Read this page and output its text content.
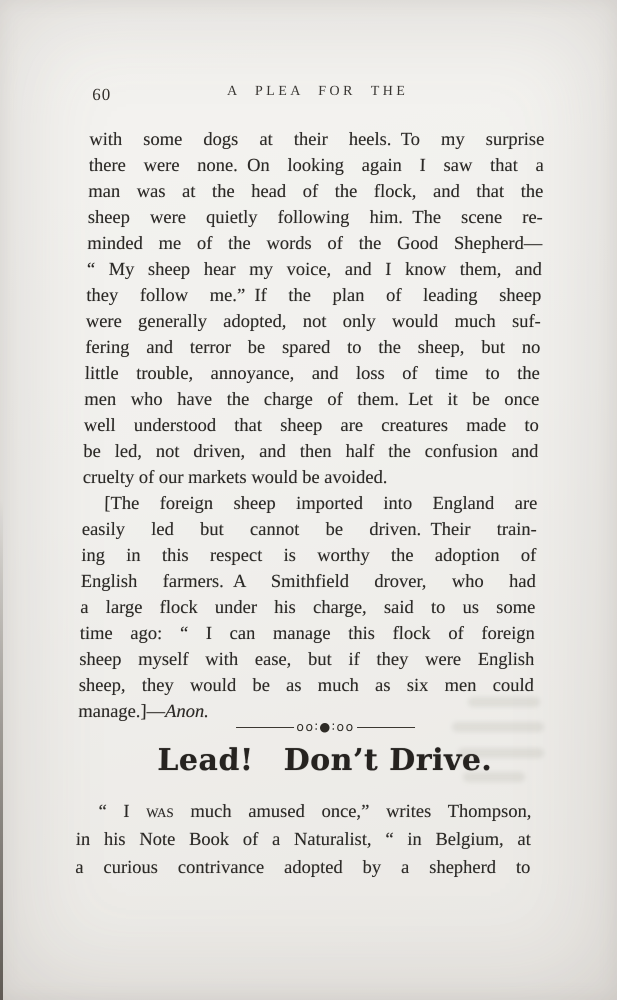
60	A PLEA FOR THE
with some dogs at their heels. To my surprise
there were none. On looking again I saw that a
man was at the head of the flock, and that the
sheep were quietly following him. The scene re-
minded me of the words of the Good Shepherd—
“ My sheep hear my voice, and I know them, and
they follow me.” If the plan of leading sheep
were generally adopted, not only would much suf-
fering and terror be spared to the sheep, but no
little trouble, annoyance, and loss of time to the
men who have the charge of them. Let it be once
well understood that sheep are creatures made to
be led, not driven, and then half the confusion and
cruelty of our markets would be avoided.
[The foreign sheep imported into England are
easily led but cannot be driven. Their train-
ing in this respect is worthy the adoption of
English farmers. A Smithfield drover, who had
a large flock under his charge, said to us some
time ago: “ I can manage this flock of foreign
sheep myself with ease, but if they were English
sheep, they would be as much as six men could
manage.]—Anon.
oo∶●∶oo
Lead! Don’t Drive.
“ I was much amused once,” writes Thompson,
in his Note Book of a Naturalist, “ in Belgium, at
a curious contrivance adopted by a shepherd to
